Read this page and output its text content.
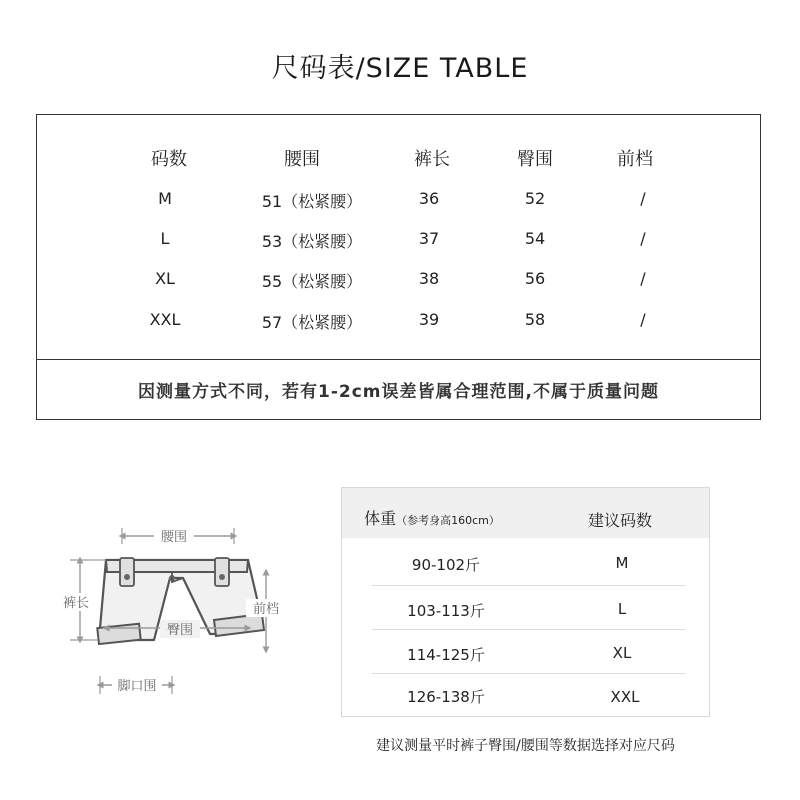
尺码表/SIZE TABLE
码数	腰围	裤长	臀围	前档
M	51（松紧腰）	36	52	/
L	53（松紧腰）	37	54	/
XL	55（松紧腰）	38	56	/
XXL	57（松紧腰）	39	58	/
因测量方式不同，若有1-2cm误差皆属合理范围,不属于质量问题
腰围
裤长
臀围
前档
脚口围
体重（参考身高160cm）	建议码数
90-102斤	M
103-113斤	L
114-125斤	XL
126-138斤	XXL
建议测量平时裤子臀围/腰围等数据选择对应尺码
